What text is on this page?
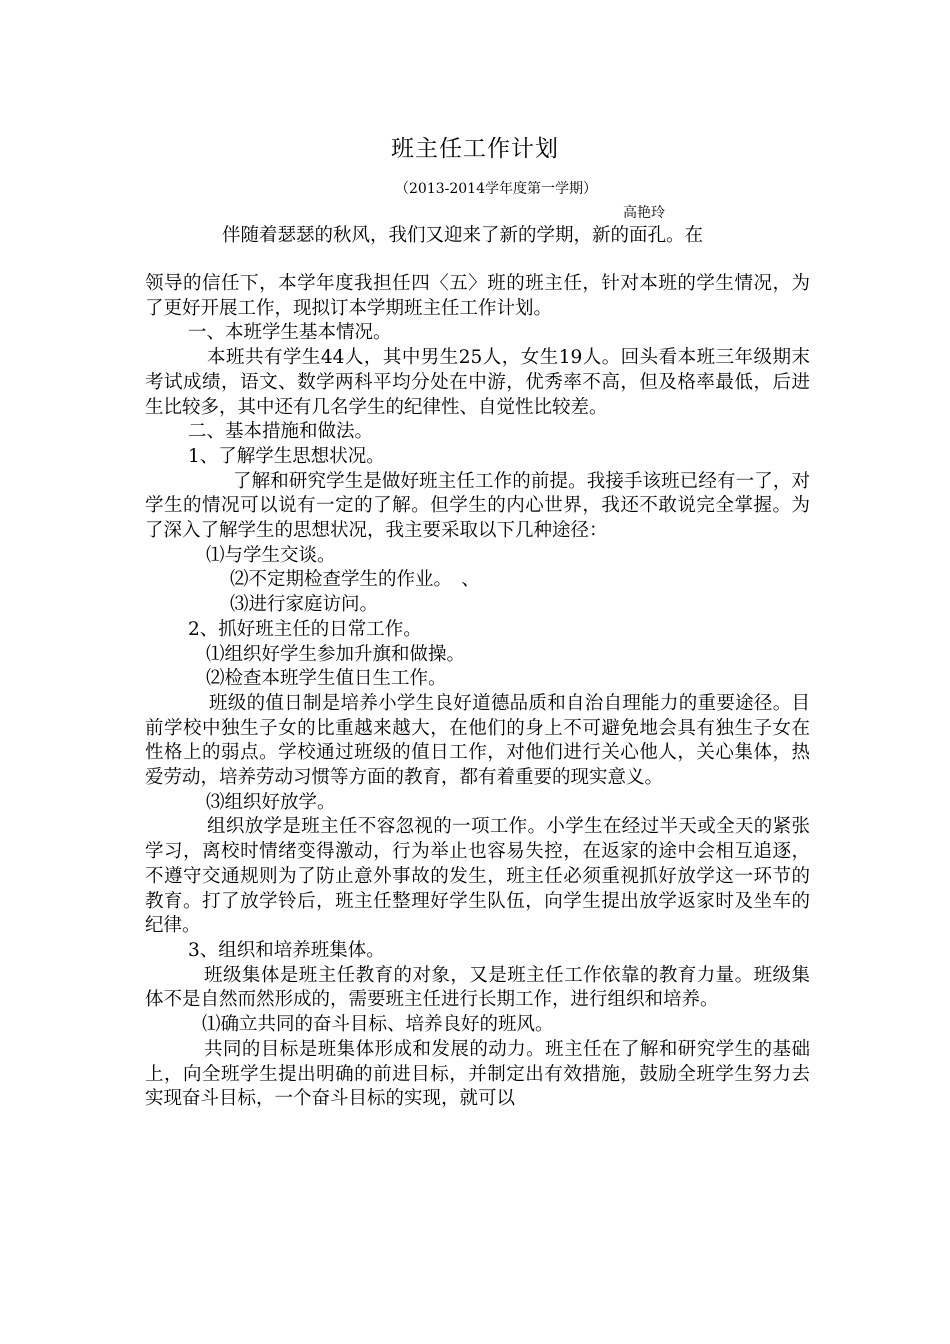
班主任工作计划
（2013-2014学年度第一学期）
高艳玲
伴随着瑟瑟的秋风，我们又迎来了新的学期，新的面孔。在

领导的信任下，本学年度我担任四〈五〉班的班主任，针对本班的学生情况，为了更好开展工作，现拟订本学期班主任工作计划。

一、本班学生基本情况。

本班共有学生44人，其中男生25人，女生19人。回头看本班三年级期末考试成绩，语文、数学两科平均分处在中游，优秀率不高，但及格率最低，后进生比较多，其中还有几名学生的纪律性、自觉性比较差。

二、基本措施和做法。

1、了解学生思想状况。

了解和研究学生是做好班主任工作的前提。我接手该班已经有一了，对学生的情况可以说有一定的了解。但学生的内心世界，我还不敢说完全掌握。为了深入了解学生的思想状况，我主要采取以下几种途径：

⑴与学生交谈。

⑵不定期检查学生的作业。　、

⑶进行家庭访问。

2、抓好班主任的日常工作。

⑴组织好学生参加升旗和做操。

⑵检查本班学生值日生工作。

班级的值日制是培养小学生良好道德品质和自治自理能力的重要途径。目前学校中独生子女的比重越来越大，在他们的身上不可避免地会具有独生子女在性格上的弱点。学校通过班级的值日工作，对他们进行关心他人，关心集体，热爱劳动，培养劳动习惯等方面的教育，都有着重要的现实意义。

⑶组织好放学。

组织放学是班主任不容忽视的一项工作。小学生在经过半天或全天的紧张学习，离校时情绪变得激动，行为举止也容易失控，在返家的途中会相互追逐，不遵守交通规则为了防止意外事故的发生，班主任必须重视抓好放学这一环节的教育。打了放学铃后，班主任整理好学生队伍，向学生提出放学返家时及坐车的纪律。

3、组织和培养班集体。

班级集体是班主任教育的对象，又是班主任工作依靠的教育力量。班级集体不是自然而然形成的，需要班主任进行长期工作，进行组织和培养。

⑴确立共同的奋斗目标、培养良好的班风。

共同的目标是班集体形成和发展的动力。班主任在了解和研究学生的基础上，向全班学生提出明确的前进目标，并制定出有效措施，鼓励全班学生努力去实现奋斗目标，一个奋斗目标的实现，就可以
